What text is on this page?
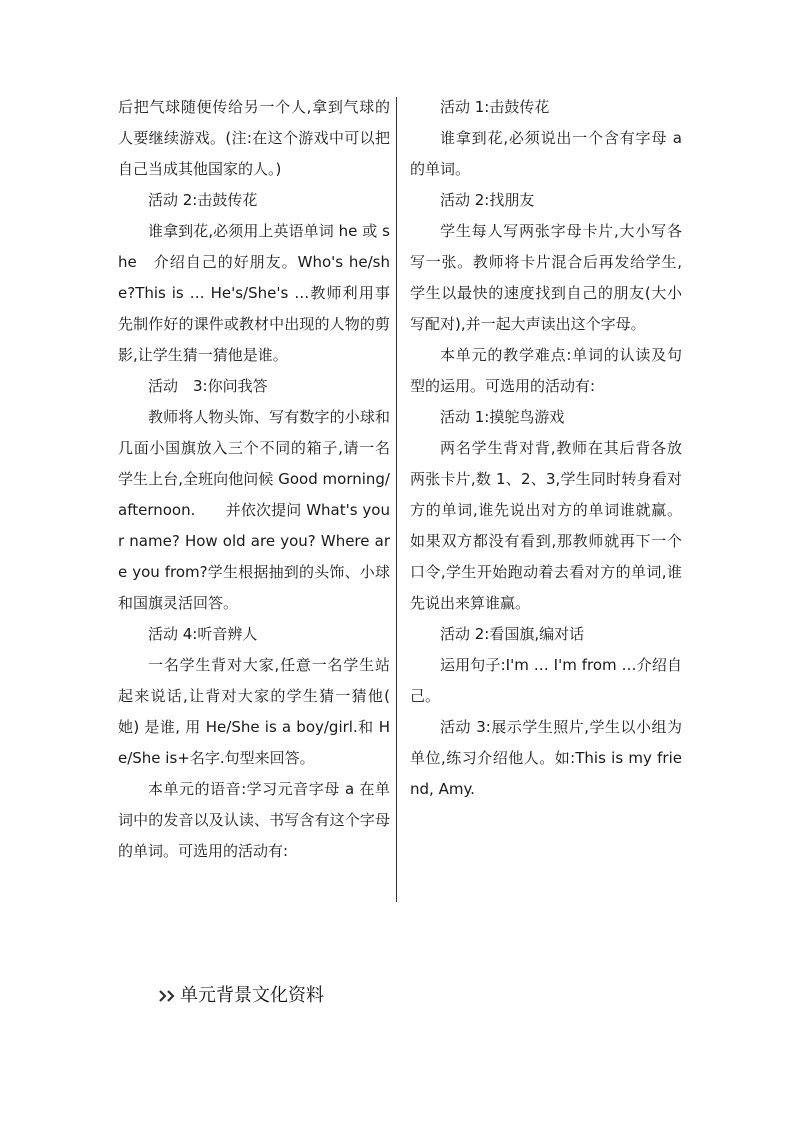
后把气球随便传给另一个人,拿到气球的人要继续游戏。(注:在这个游戏中可以把自己当成其他国家的人。)

活动 2:击鼓传花

谁拿到花,必须用上英语单词 he 或 she　介绍自己的好朋友。Who's he/she?This is … He's/She's …教师利用事先制作好的课件或教材中出现的人物的剪影,让学生猜一猜他是谁。

活动　3:你问我答

教师将人物头饰、写有数字的小球和几面小国旗放入三个不同的箱子,请一名学生上台,全班向他问候 Good morning/afternoon.　　并依次提问 What's your name? How old are you? Where are you from?学生根据抽到的头饰、小球和国旗灵活回答。

活动 4:听音辨人

一名学生背对大家,任意一名学生站起来说话,让背对大家的学生猜一猜他( 她) 是谁, 用 He/She is a boy/girl.和 He/She is+名字.句型来回答。

本单元的语音:学习元音字母 a 在单词中的发音以及认读、书写含有这个字母的单词。可选用的活动有:

活动 1:击鼓传花

谁拿到花,必须说出一个含有字母 a 的单词。

活动 2:找朋友

学生每人写两张字母卡片,大小写各写一张。教师将卡片混合后再发给学生,学生以最快的速度找到自己的朋友(大小写配对),并一起大声读出这个字母。

本单元的教学难点:单词的认读及句型的运用。可选用的活动有:

活动 1:摸鸵鸟游戏

两名学生背对背,教师在其后背各放两张卡片,数 1、2、3,学生同时转身看对方的单词,谁先说出对方的单词谁就赢。如果双方都没有看到,那教师就再下一个口令,学生开始跑动着去看对方的单词,谁先说出来算谁赢。

活动 2:看国旗,编对话

运用句子:I'm … I'm from …介绍自己。

活动 3:展示学生照片,学生以小组为单位,练习介绍他人。如:This is my friend, Amy.

单元背景文化资料
